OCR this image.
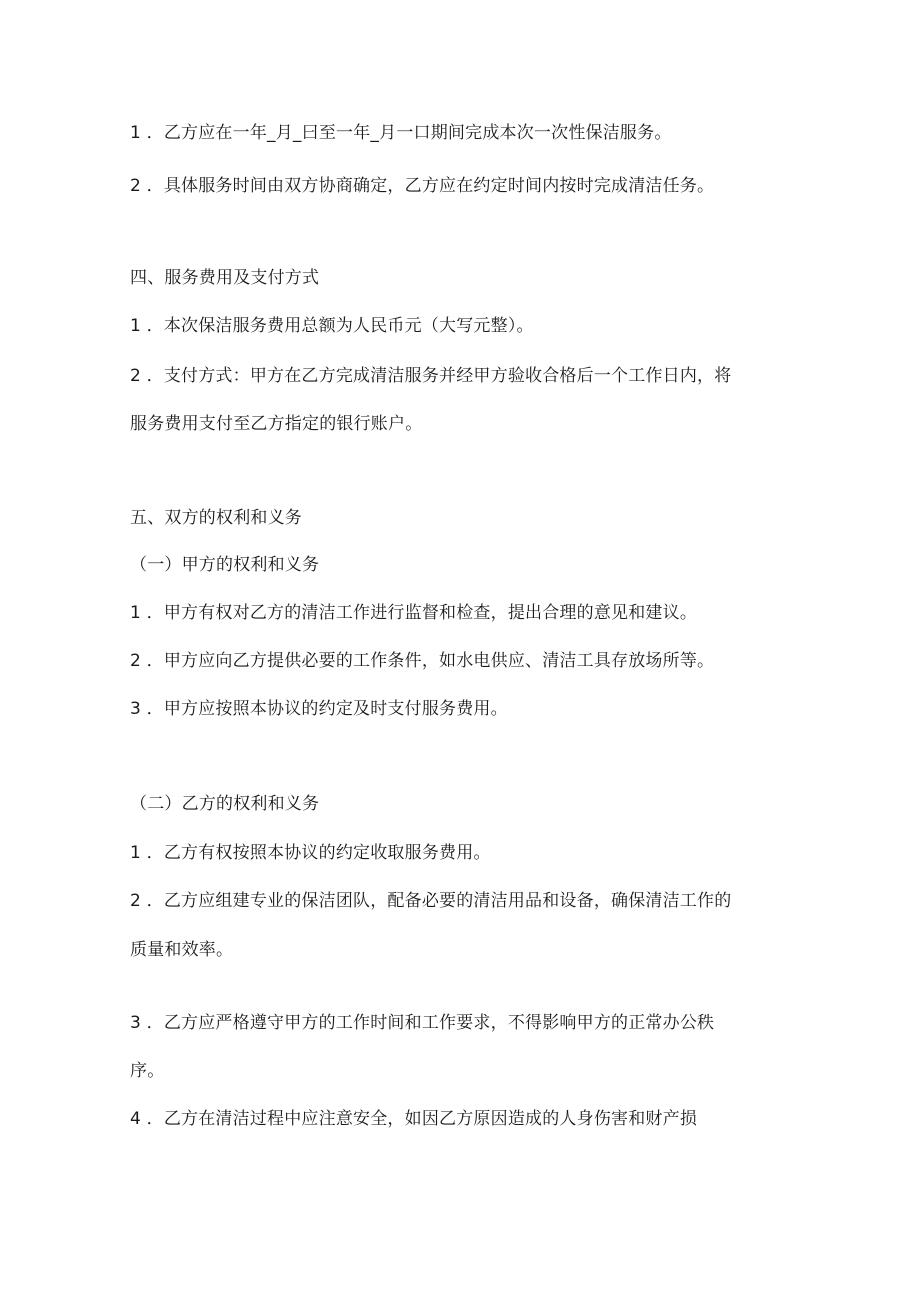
1 ．乙方应在一年_月_曰至一年_月一口期间完成本次一次性保洁服务。
2 ．具体服务时间由双方协商确定，乙方应在约定时间内按时完成清洁任务。
四、服务费用及支付方式
1 ．本次保洁服务费用总额为人民币元（大写元整）。
2 ．支付方式：甲方在乙方完成清洁服务并经甲方验收合格后一个工作日内，将
服务费用支付至乙方指定的银行账户。
五、双方的权利和义务
（一）甲方的权利和义务
1 ．甲方有权对乙方的清洁工作进行监督和检查，提出合理的意见和建议。
2 ．甲方应向乙方提供必要的工作条件，如水电供应、清洁工具存放场所等。
3 ．甲方应按照本协议的约定及时支付服务费用。
（二）乙方的权利和义务
1 ．乙方有权按照本协议的约定收取服务费用。
2 ．乙方应组建专业的保洁团队，配备必要的清洁用品和设备，确保清洁工作的
质量和效率。
3 ．乙方应严格遵守甲方的工作时间和工作要求，不得影响甲方的正常办公秩
序。
4 ．乙方在清洁过程中应注意安全，如因乙方原因造成的人身伤害和财产损
